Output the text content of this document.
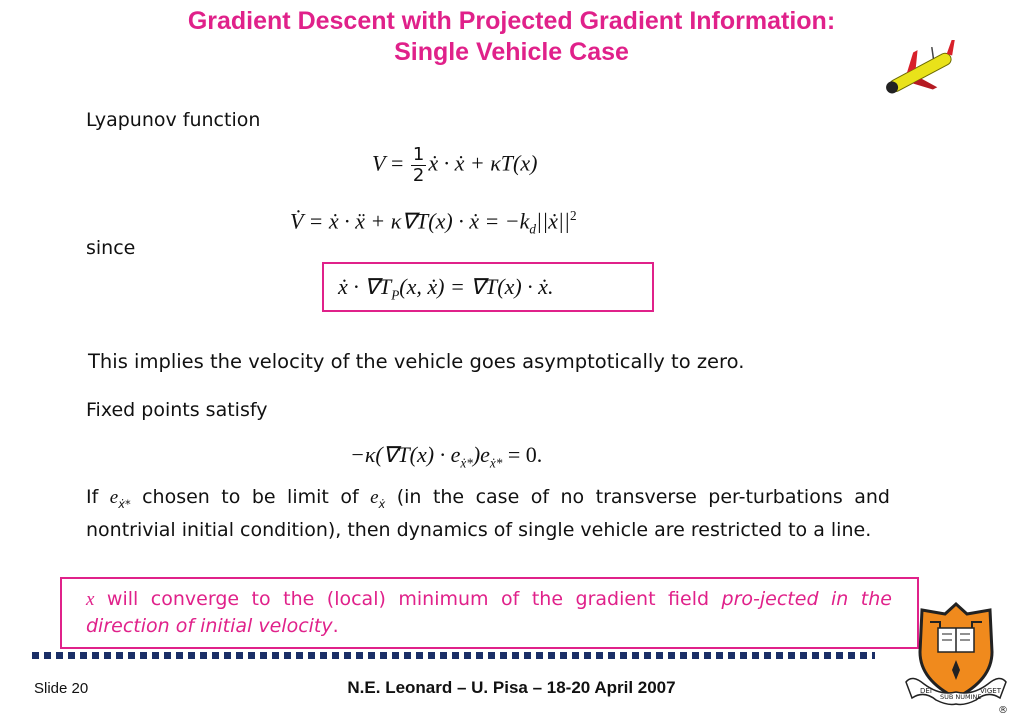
Gradient Descent with Projected Gradient Information:
Single Vehicle Case
Lyapunov function
$V = \frac{1}{2}$ ẋ · ẋ + κT(x)
V̇ = ẋ · ẍ + κ∇T(x) · ẋ = $-k_d||ẋ||^2$
since
ẋ · $\nabla T_P(x$, ẋ) = ∇T(x) · ẋ.
This implies the velocity of the vehicle goes asymptotically to zero.
Fixed points satisfy
$-\kappa(\nabla T(x) \cdot e_{ẋ*})e_{ẋ*} = 0$.
If $e_{ẋ*}$ chosen to be limit of $e_ẋ$ (in the case of no transverse per-turbations and nontrivial initial condition), then dynamics of single vehicle are restricted to a line.
x will converge to the (local) minimum of the gradient field pro-jected in the direction of initial velocity.
Slide 20	N.E. Leonard – U. Pisa – 18-20 April 2007	DEI
SUB NUMINE
VIGET
®
